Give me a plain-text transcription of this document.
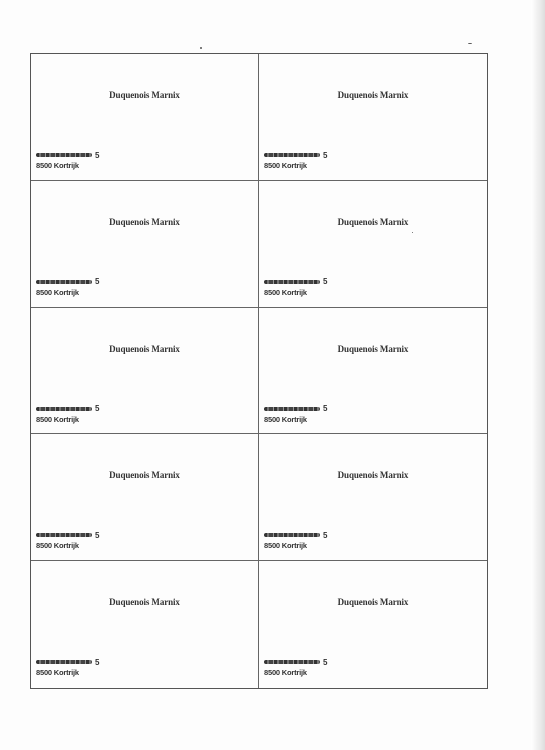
Duquenois Marnix
5
8500 Kortrijk
Duquenois Marnix
5
8500 Kortrijk
Duquenois Marnix
5
8500 Kortrijk
Duquenois Marnix
5
8500 Kortrijk
Duquenois Marnix
5
8500 Kortrijk
Duquenois Marnix
5
8500 Kortrijk
Duquenois Marnix
5
8500 Kortrijk
Duquenois Marnix
5
8500 Kortrijk
Duquenois Marnix
5
8500 Kortrijk
Duquenois Marnix
5
8500 Kortrijk
